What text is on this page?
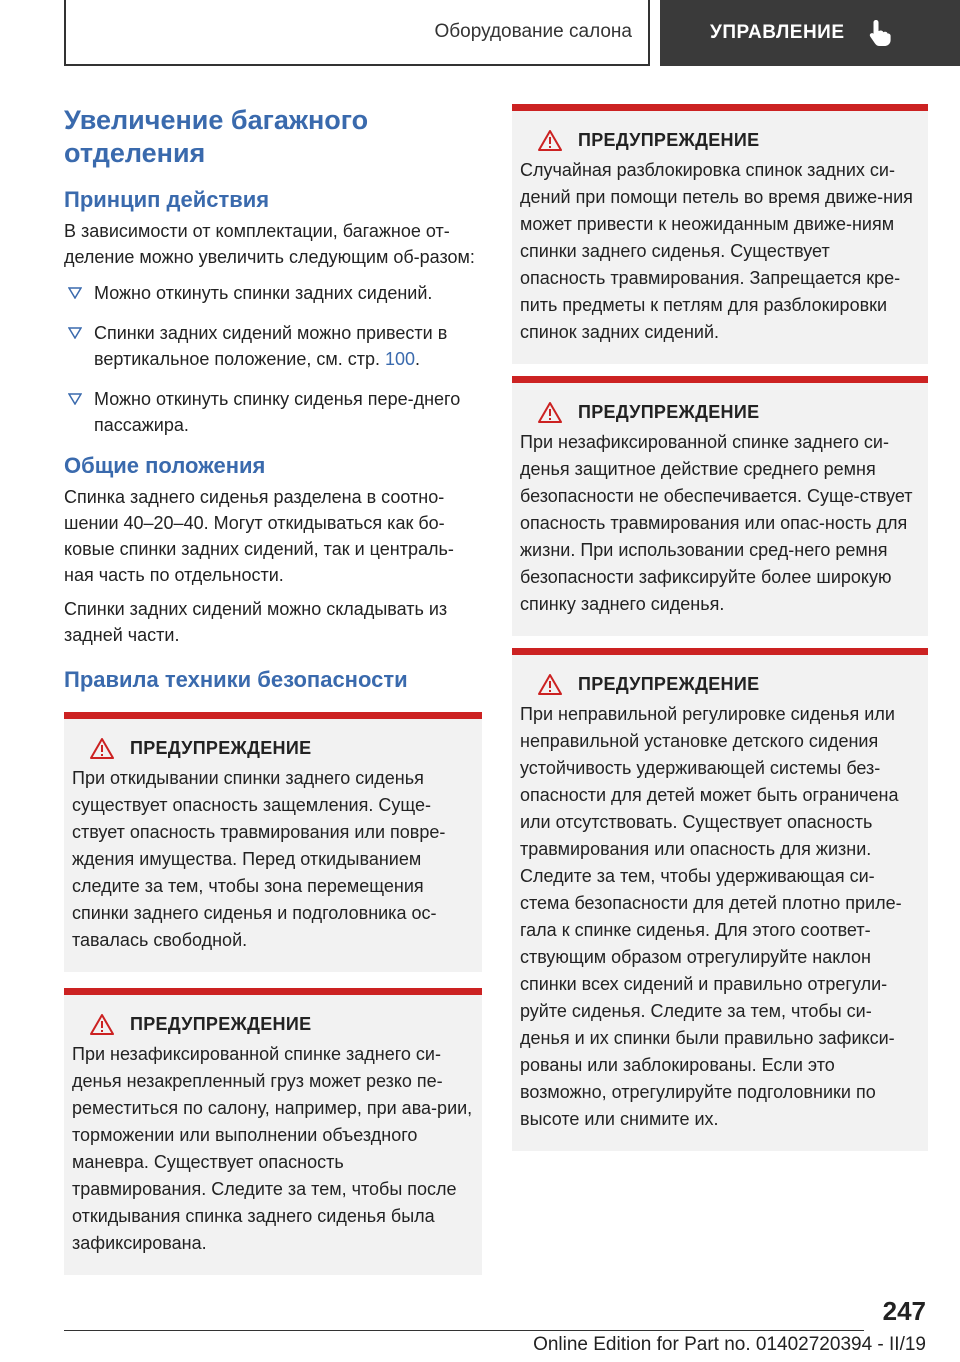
Оборудование салона	УПРАВЛЕНИЕ
Увеличение багажного отделения
Принцип действия

В зависимости от комплектации, багажное от-деление можно увеличить следующим об-разом:

Можно откинуть спинки задних сидений.
Спинки задних сидений можно привести в вертикальное положение, см. стр. 100.
Можно откинуть спинку сиденья пере-днего пассажира.
Общие положения

Спинка заднего сиденья разделена в соотно-шении 40–20–40. Могут откидываться как бо-ковые спинки задних сидений, так и централь-ная часть по отдельности.

Спинки задних сидений можно складывать из задней части.

Правила техники безопасности
ПРЕДУПРЕЖДЕНИЕ

При откидывании спинки заднего сиденья существует опасность защемления. Суще-ствует опасность травмирования или повре-ждения имущества. Перед откидыванием следите за тем, чтобы зона перемещения спинки заднего сиденья и подголовника ос-тавалась свободной.

ПРЕДУПРЕЖДЕНИЕ

При незафиксированной спинке заднего си-денья незакрепленный груз может резко пе-реместиться по салону, например, при ава-рии, торможении или выполнении объездного маневра. Существует опасность травмирования. Следите за тем, чтобы после откидывания спинка заднего сиденья была зафиксирована.

ПРЕДУПРЕЖДЕНИЕ

Случайная разблокировка спинок задних си-дений при помощи петель во время движе-ния может привести к неожиданным движе-ниям спинки заднего сиденья. Существует опасность травмирования. Запрещается кре-пить предметы к петлям для разблокировки спинок задних сидений.

ПРЕДУПРЕЖДЕНИЕ

При незафиксированной спинке заднего си-денья защитное действие среднего ремня безопасности не обеспечивается. Суще-ствует опасность травмирования или опас-ность для жизни. При использовании сред-него ремня безопасности зафиксируйте более широкую спинку заднего сиденья.

ПРЕДУПРЕЖДЕНИЕ

При неправильной регулировке сиденья или неправильной установке детского сидения устойчивость удерживающей системы без-опасности для детей может быть ограничена или отсутствовать. Существует опасность травмирования или опасность для жизни. Следите за тем, чтобы удерживающая си-стема безопасности для детей плотно приле-гала к спинке сиденья. Для этого соответ-ствующим образом отрегулируйте наклон спинки всех сидений и правильно отрегули-руйте сиденья. Следите за тем, чтобы си-денья и их спинки были правильно зафикси-рованы или заблокированы. Если это возможно, отрегулируйте подголовники по высоте или снимите их.

247
Online Edition for Part no. 01402720394 - II/19
